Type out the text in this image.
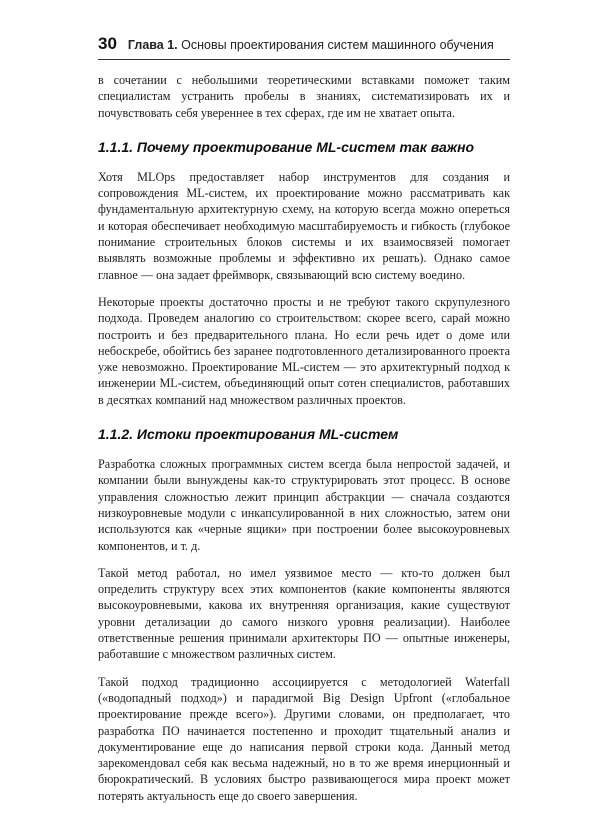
30 Глава 1. Основы проектирования систем машинного обучения

в сочетании с небольшими теоретическими вставками поможет таким специалистам устранить пробелы в знаниях, систематизировать их и почувствовать себя увереннее в тех сферах, где им не хватает опыта.

1.1.1. Почему проектирование ML-систем так важно

Хотя MLOps предоставляет набор инструментов для создания и сопровождения ML-систем, их проектирование можно рассматривать как фундаментальную архитектурную схему, на которую всегда можно опереться и которая обеспечивает необходимую масштабируемость и гибкость (глубокое понимание строительных блоков системы и их взаимосвязей помогает выявлять возможные проблемы и эффективно их решать). Однако самое главное — она задает фреймворк, связывающий всю систему воедино.

Некоторые проекты достаточно просты и не требуют такого скрупулезного подхода. Проведем аналогию со строительством: скорее всего, сарай можно построить и без предварительного плана. Но если речь идет о доме или небоскребе, обойтись без заранее подготовленного детализированного проекта уже невозможно. Проектирование ML-систем — это архитектурный подход к инженерии ML-систем, объединяющий опыт сотен специалистов, работавших в десятках компаний над множеством различных проектов.

1.1.2. Истоки проектирования ML-систем

Разработка сложных программных систем всегда была непростой задачей, и компании были вынуждены как-то структурировать этот процесс. В основе управления сложностью лежит принцип абстракции — сначала создаются низкоуровневые модули с инкапсулированной в них сложностью, затем они используются как «черные ящики» при построении более высокоуровневых компонентов, и т. д.

Такой метод работал, но имел уязвимое место — кто-то должен был определить структуру всех этих компонентов (какие компоненты являются высокоуровневыми, какова их внутренняя организация, какие существуют уровни детализации до самого низкого уровня реализации). Наиболее ответственные решения принимали архитекторы ПО — опытные инженеры, работавшие с множеством различных систем.

Такой подход традиционно ассоциируется с методологией Waterfall («водопадный подход») и парадигмой Big Design Upfront («глобальное проектирование прежде всего»). Другими словами, он предполагает, что разработка ПО начинается постепенно и проходит тщательный анализ и документирование еще до написания первой строки кода. Данный метод зарекомендовал себя как весьма надежный, но в то же время инерционный и бюрократический. В условиях быстро развивающегося мира проект может потерять актуальность еще до своего завершения.
